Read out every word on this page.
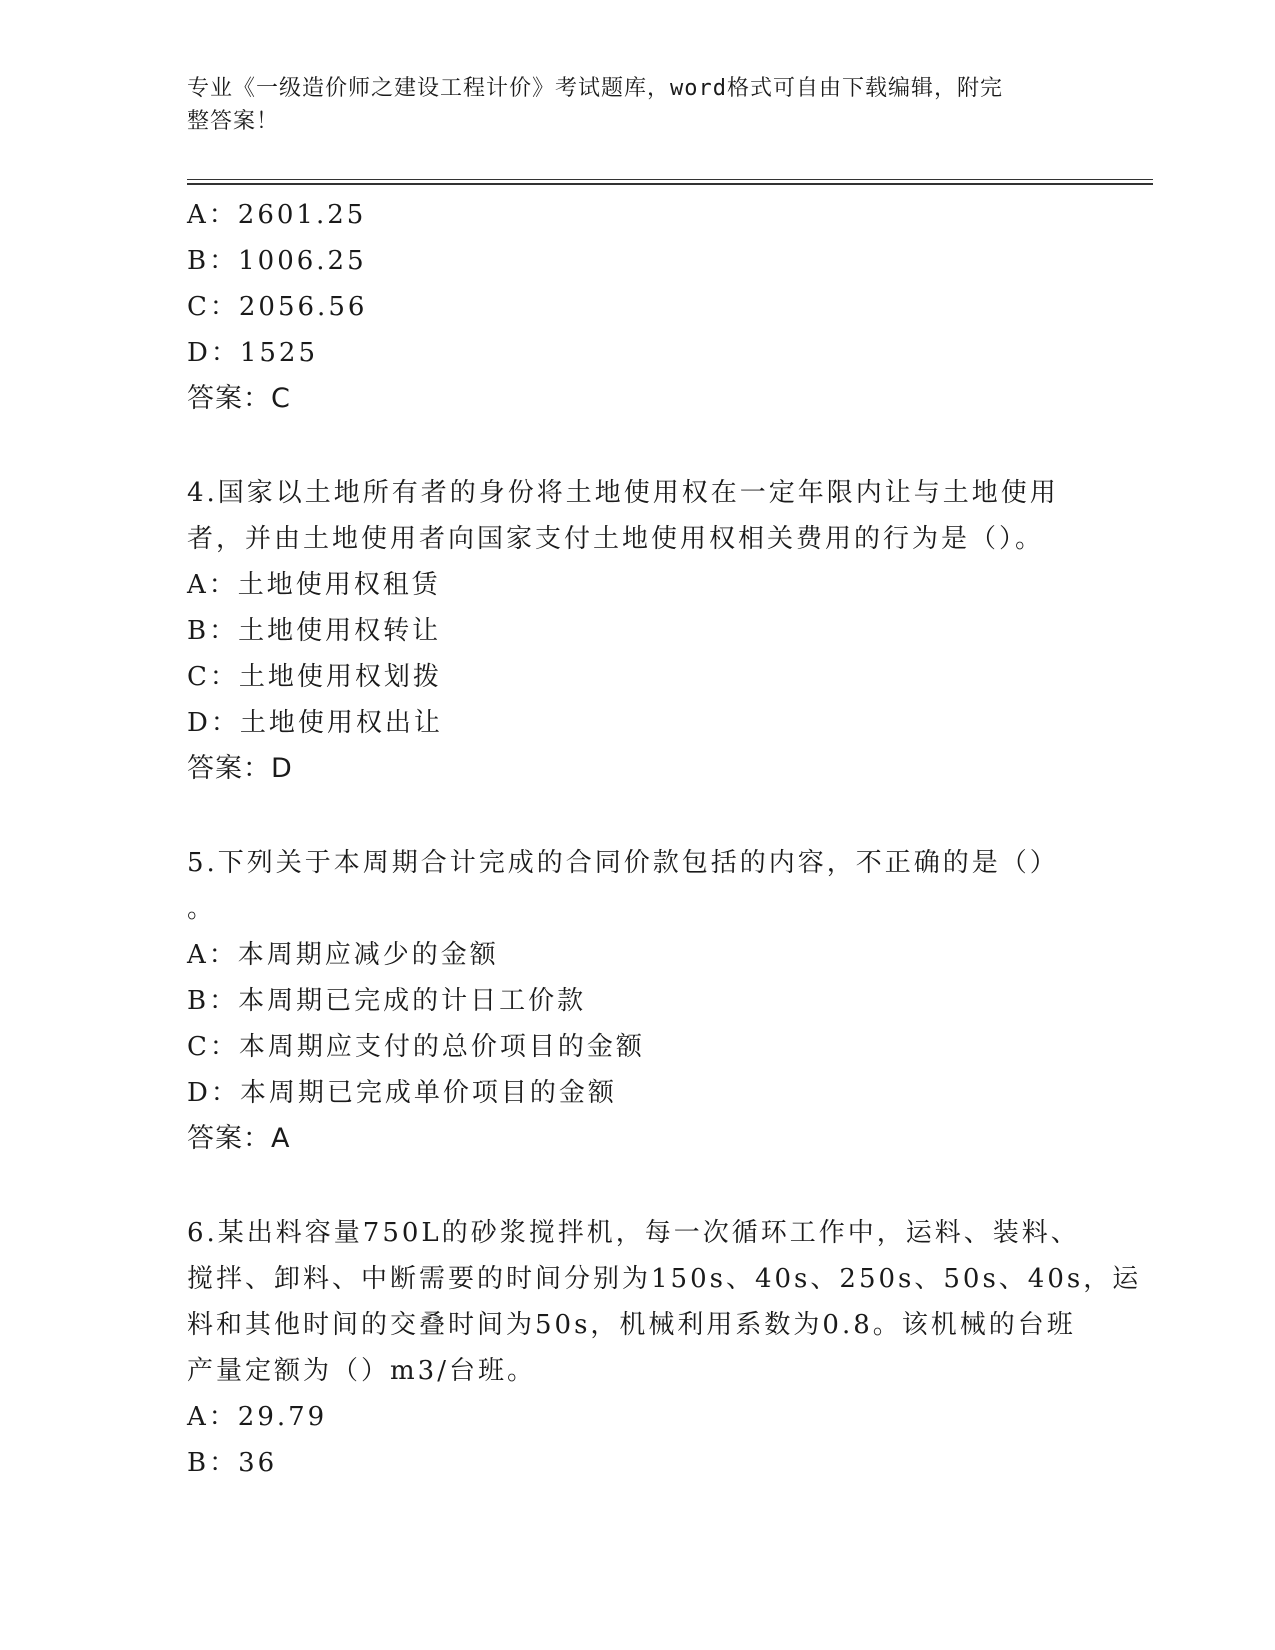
专业《一级造价师之建设工程计价》考试题库，word格式可自由下载编辑，附完
整答案！
A：2601.25
B：1006.25
C：2056.56
D：1525
答案：C
4.国家以土地所有者的身份将土地使用权在一定年限内让与土地使用
者，并由土地使用者向国家支付土地使用权相关费用的行为是（）。
A：土地使用权租赁
B：土地使用权转让
C：土地使用权划拨
D：土地使用权出让
答案：D
5.下列关于本周期合计完成的合同价款包括的内容，不正确的是（）
。
A：本周期应减少的金额
B：本周期已完成的计日工价款
C：本周期应支付的总价项目的金额
D：本周期已完成单价项目的金额
答案：A
6.某出料容量750L的砂浆搅拌机，每一次循环工作中，运料、装料、
搅拌、卸料、中断需要的时间分别为150s、40s、250s、50s、40s，运
料和其他时间的交叠时间为50s，机械利用系数为0.8。该机械的台班
产量定额为（）m3/台班。
A：29.79
B：36
